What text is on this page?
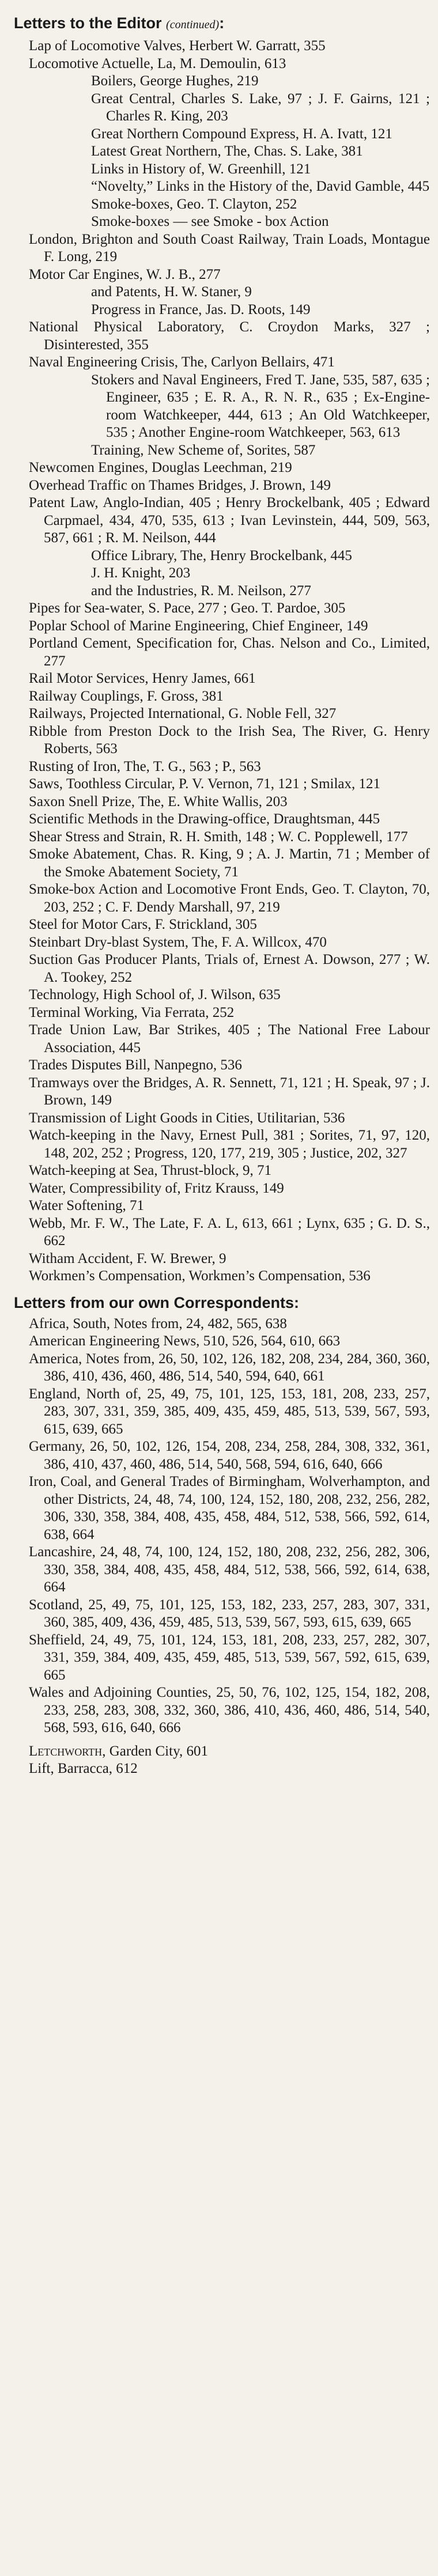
Letters to the Editor (continued):

Lap of Locomotive Valves, Herbert W. Garratt, 355

Locomotive Actuelle, La, M. Demoulin, 613

Boilers, George Hughes, 219

Great Central, Charles S. Lake, 97 ; J. F. Gairns, 121 ; Charles R. King, 203

Great Northern Compound Express, H. A. Ivatt, 121

Latest Great Northern, The, Chas. S. Lake, 381

Links in History of, W. Greenhill, 121

“Novelty,” Links in the History of the, David Gamble, 445

Smoke-boxes, Geo. T. Clayton, 252

Smoke-boxes — see Smoke - box Action

London, Brighton and South Coast Railway, Train Loads, Montague F. Long, 219

Motor Car Engines, W. J. B., 277

and Patents, H. W. Staner, 9

Progress in France, Jas. D. Roots, 149

National Physical Laboratory, C. Croydon Marks, 327 ; Disinterested, 355

Naval Engineering Crisis, The, Carlyon Bellairs, 471

Stokers and Naval Engineers, Fred T. Jane, 535, 587, 635 ; Engineer, 635 ; E. R. A., R. N. R., 635 ; Ex-Engine-room Watchkeeper, 444, 613 ; An Old Watchkeeper, 535 ; Another Engine-room Watchkeeper, 563, 613

Training, New Scheme of, Sorites, 587

Newcomen Engines, Douglas Leechman, 219

Overhead Traffic on Thames Bridges, J. Brown, 149

Patent Law, Anglo-Indian, 405 ; Henry Brockelbank, 405 ; Edward Carpmael, 434, 470, 535, 613 ; Ivan Levinstein, 444, 509, 563, 587, 661 ; R. M. Neilson, 444

Office Library, The, Henry Brockelbank, 445

J. H. Knight, 203

and the Industries, R. M. Neilson, 277

Pipes for Sea-water, S. Pace, 277 ; Geo. T. Pardoe, 305

Poplar School of Marine Engineering, Chief Engineer, 149

Portland Cement, Specification for, Chas. Nelson and Co., Limited, 277

Rail Motor Services, Henry James, 661

Railway Couplings, F. Gross, 381

Railways, Projected International, G. Noble Fell, 327

Ribble from Preston Dock to the Irish Sea, The River, G. Henry Roberts, 563

Rusting of Iron, The, T. G., 563 ; P., 563

Saws, Toothless Circular, P. V. Vernon, 71, 121 ; Smilax, 121

Saxon Snell Prize, The, E. White Wallis, 203

Scientific Methods in the Drawing-office, Draughtsman, 445

Shear Stress and Strain, R. H. Smith, 148 ; W. C. Popplewell, 177

Smoke Abatement, Chas. R. King, 9 ; A. J. Martin, 71 ; Member of the Smoke Abatement Society, 71

Smoke-box Action and Locomotive Front Ends, Geo. T. Clayton, 70, 203, 252 ; C. F. Dendy Marshall, 97, 219

Steel for Motor Cars, F. Strickland, 305

Steinbart Dry-blast System, The, F. A. Willcox, 470

Suction Gas Producer Plants, Trials of, Ernest A. Dowson, 277 ; W. A. Tookey, 252

Technology, High School of, J. Wilson, 635

Terminal Working, Via Ferrata, 252

Trade Union Law, Bar Strikes, 405 ; The National Free Labour Association, 445

Trades Disputes Bill, Nanpegno, 536

Tramways over the Bridges, A. R. Sennett, 71, 121 ; H. Speak, 97 ; J. Brown, 149

Transmission of Light Goods in Cities, Utilitarian, 536

Watch-keeping in the Navy, Ernest Pull, 381 ; Sorites, 71, 97, 120, 148, 202, 252 ; Progress, 120, 177, 219, 305 ; Justice, 202, 327

Watch-keeping at Sea, Thrust-block, 9, 71

Water, Compressibility of, Fritz Krauss, 149

Water Softening, 71

Webb, Mr. F. W., The Late, F. A. L, 613, 661 ; Lynx, 635 ; G. D. S., 662

Witham Accident, F. W. Brewer, 9

Workmen’s Compensation, Workmen’s Compensation, 536

Letters from our own Correspondents:

Africa, South, Notes from, 24, 482, 565, 638

American Engineering News, 510, 526, 564, 610, 663

America, Notes from, 26, 50, 102, 126, 182, 208, 234, 284, 360, 360, 386, 410, 436, 460, 486, 514, 540, 594, 640, 661

England, North of, 25, 49, 75, 101, 125, 153, 181, 208, 233, 257, 283, 307, 331, 359, 385, 409, 435, 459, 485, 513, 539, 567, 593, 615, 639, 665

Germany, 26, 50, 102, 126, 154, 208, 234, 258, 284, 308, 332, 361, 386, 410, 437, 460, 486, 514, 540, 568, 594, 616, 640, 666

Iron, Coal, and General Trades of Birmingham, Wolverhampton, and other Districts, 24, 48, 74, 100, 124, 152, 180, 208, 232, 256, 282, 306, 330, 358, 384, 408, 435, 458, 484, 512, 538, 566, 592, 614, 638, 664

Lancashire, 24, 48, 74, 100, 124, 152, 180, 208, 232, 256, 282, 306, 330, 358, 384, 408, 435, 458, 484, 512, 538, 566, 592, 614, 638, 664

Scotland, 25, 49, 75, 101, 125, 153, 182, 233, 257, 283, 307, 331, 360, 385, 409, 436, 459, 485, 513, 539, 567, 593, 615, 639, 665

Sheffield, 24, 49, 75, 101, 124, 153, 181, 208, 233, 257, 282, 307, 331, 359, 384, 409, 435, 459, 485, 513, 539, 567, 592, 615, 639, 665

Wales and Adjoining Counties, 25, 50, 76, 102, 125, 154, 182, 208, 233, 258, 283, 308, 332, 360, 386, 410, 436, 460, 486, 514, 540, 568, 593, 616, 640, 666

Letchworth, Garden City, 601

Lift, Barracca, 612
